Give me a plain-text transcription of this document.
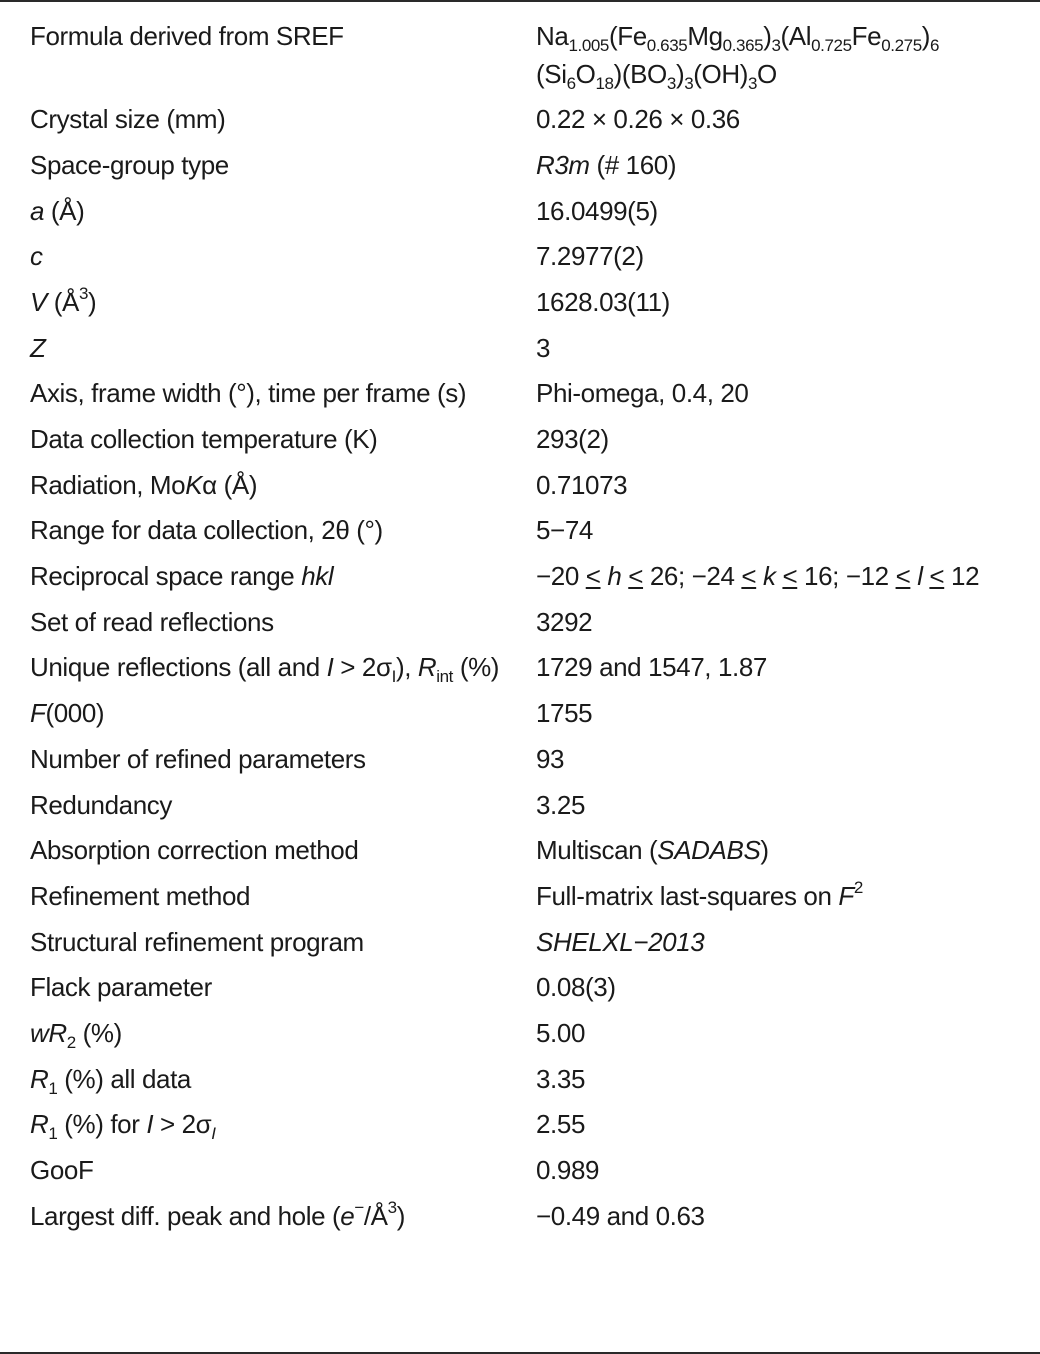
Formula derived from SREF	$Na_{1.005}(Fe_{0.635}Mg_{0.365})_3(Al_{0.725}Fe_{0.275})_6$ $(Si_6O_{18})(BO_3)_3(OH)_3O$
Crystal size (mm)	0.22 × 0.26 × 0.36
Space-group type	R3m (# 160)
a (Å)	16.0499(5)
c	7.2977(2)
V $(Å^3)$	1628.03(11)
Z	3
Axis, frame width (°), time per frame (s)	Phi-omega, 0.4, 20
Data collection temperature (K)	293(2)
Radiation, MoKα (Å)	0.71073
Range for data collection, 2θ (°)	5−74
Reciprocal space range hkl	−20 < h < 26; −24 < k < 16; −12 < l < 12
Set of read reflections	3292
Unique reflections (all and $I > 2\sigma_I$), $R_{int}$ (%)	1729 and 1547, 1.87
F(000)	1755
Number of refined parameters	93
Redundancy	3.25
Absorption correction method	Multiscan (SADABS)
Refinement method	Full-matrix last-squares on $F^2$
Structural refinement program	SHELXL−2013
Flack parameter	0.08(3)
$wR_2$ (%)	5.00
$R_1$ (%) all data	3.35
$R_1$ (%) for $I > 2\sigma_I$	2.55
GooF	0.989
Largest diff. peak and hole $(e^-/Å^3)$	−0.49 and 0.63
